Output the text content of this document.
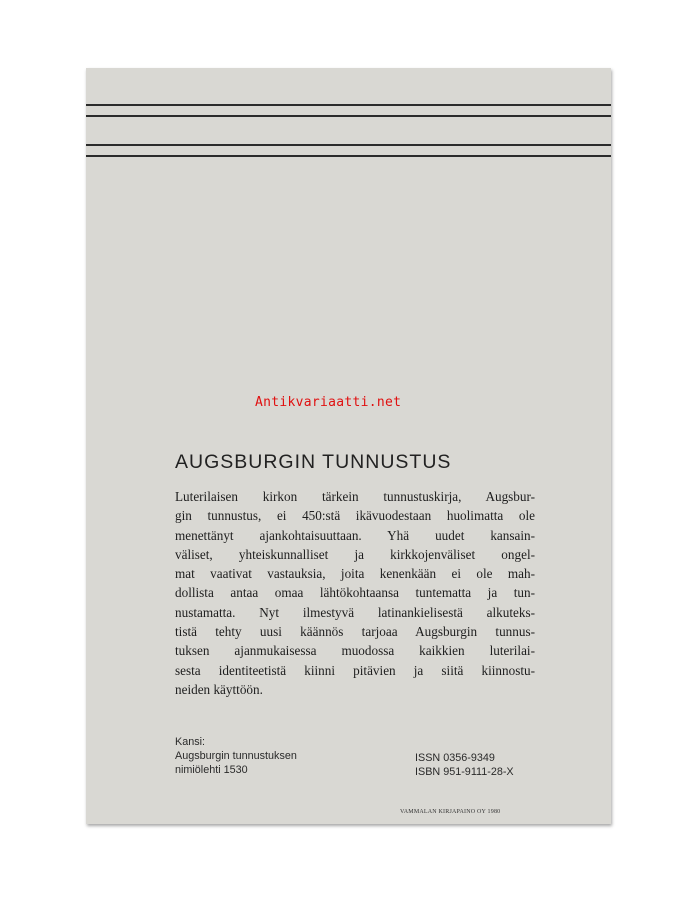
Antikvariaatti.net
AUGSBURGIN TUNNUSTUS

Luterilaisen kirkon tärkein tunnustuskirja, Augsbur-
gin tunnustus, ei 450:stä ikävuodestaan huolimatta ole
menettänyt ajankohtaisuuttaan. Yhä uudet kansain-
väliset, yhteiskunnalliset ja kirkkojenväliset ongel-
mat vaativat vastauksia, joita kenenkään ei ole mah-
dollista antaa omaa lähtökohtaansa tuntematta ja tun-
nustamatta. Nyt ilmestyvä latinankielisestä alkuteks-
tistä tehty uusi käännös tarjoaa Augsburgin tunnus-
tuksen ajanmukaisessa muodossa kaikkien luterilai-
sesta identiteetistä kiinni pitävien ja siitä kiinnostu-
neiden käyttöön.

Kansi:
Augsburgin tunnustuksen
nimiölehti 1530
ISSN 0356-9349
ISBN 951-9111-28-X
VAMMALAN KIRJAPAINO OY 1980
